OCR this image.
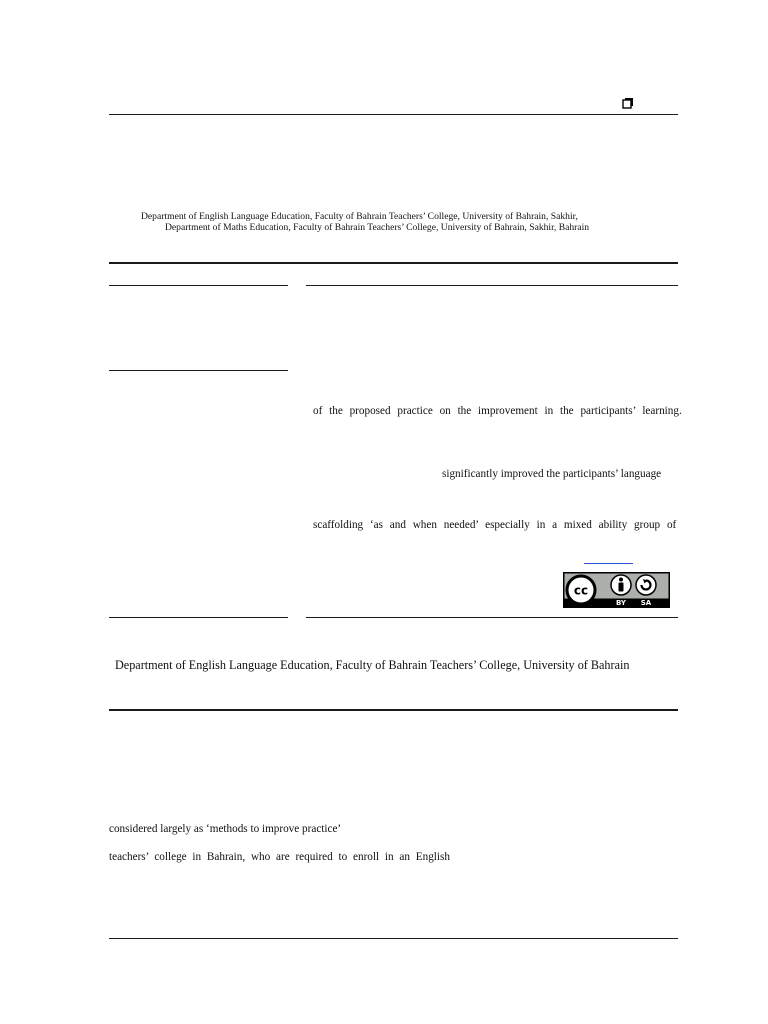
Department of English Language Education, Faculty of Bahrain Teachers’ College, University of Bahrain, Sakhir,
Department of Maths Education, Faculty of Bahrain Teachers’ College, University of Bahrain, Sakhir, Bahrain
of the proposed practice on the improvement in the participants’ learning.
significantly improved the participants’ language
scaffolding ‘as and when needed’ especially in a mixed ability group of
cc
BY SA
Department of English Language Education, Faculty of Bahrain Teachers’ College, University of Bahrain
considered largely as ‘methods to improve practice’
teachers’ college in Bahrain, who are required to enroll in an English
